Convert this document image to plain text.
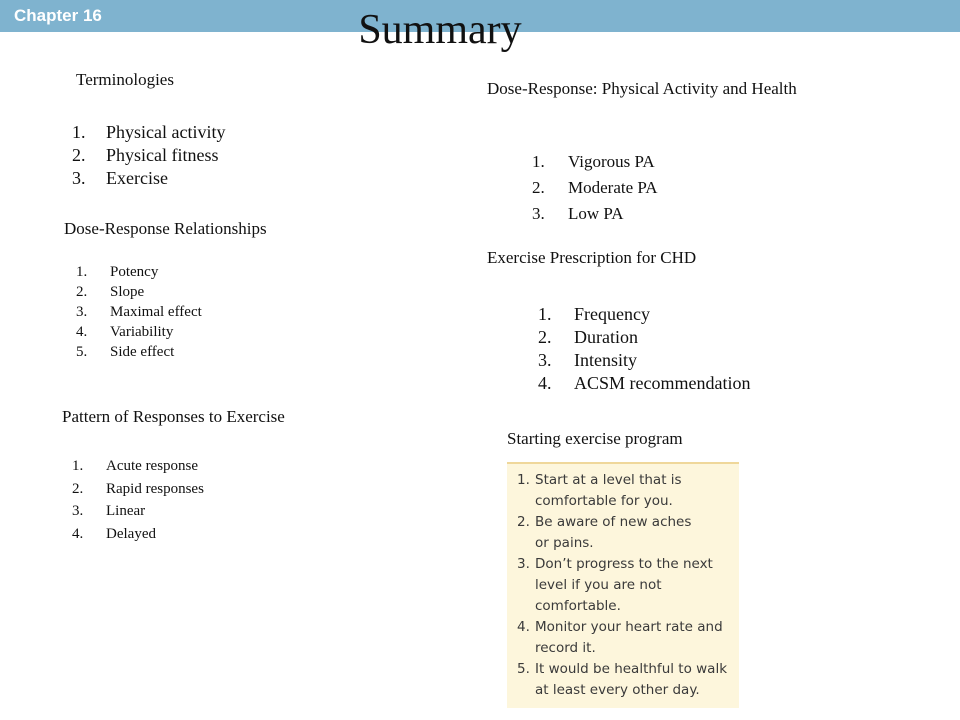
Chapter 16	Summary
Terminologies
1. Physical activity
2. Physical fitness
3. Exercise
Dose-Response Relationships
1. Potency
2. Slope
3. Maximal effect
4. Variability
5. Side effect
Pattern of Responses to Exercise
1. Acute response
2. Rapid responses
3. Linear
4. Delayed
Dose-Response: Physical Activity and Health
1. Vigorous PA
2. Moderate PA
3. Low PA
Exercise Prescription for CHD
1. Frequency
2. Duration
3. Intensity
4. ACSM recommendation
Starting exercise program
1. Start at a level that is
comfortable for you.
2. Be aware of new aches
or pains.
3. Don’t progress to the next
level if you are not
comfortable.
4. Monitor your heart rate and
record it.
5. It would be healthful to walk
at least every other day.
